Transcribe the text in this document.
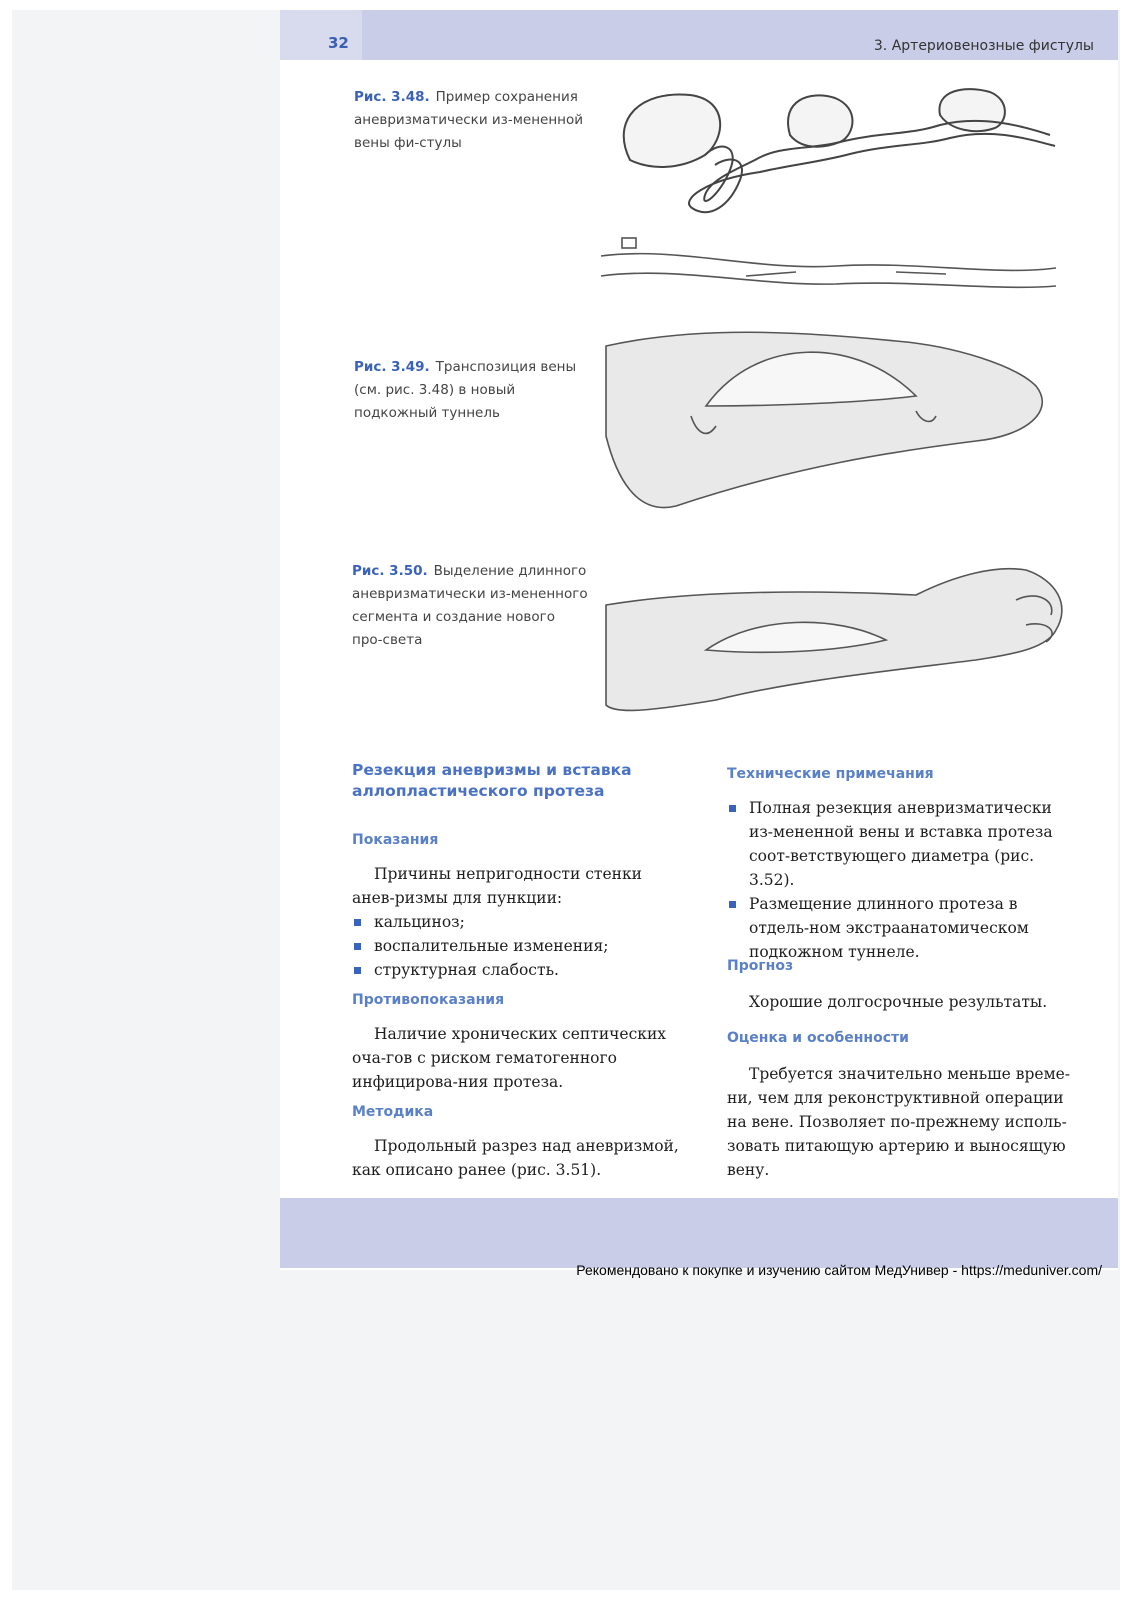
32	3. Артериовенозные фистулы
Рис. 3.48. Пример сохранения аневризматически из-мененной вены фи-стулы
Рис. 3.49. Транспозиция вены (см. рис. 3.48) в новый подкожный туннель
Рис. 3.50. Выделение длинного аневризматически из-мененного сегмента и создание нового про-света
Резекция аневризмы и вставка аллопластического протеза
Показания

Причины непригодности стенки анев-ризмы для пункции:

кальциноз;
воспалительные изменения;
структурная слабость.
Противопоказания

Наличие хронических септических оча-гов с риском гематогенного инфицирова-ния протеза.

Методика

Продольный разрез над аневризмой, как описано ранее (рис. 3.51).

Технические примечания
Полная резекция аневризматически из-мененной вены и вставка протеза соот-ветствующего диаметра (рис. 3.52).
Размещение длинного протеза в отдель-ном экстраанатомическом подкожном туннеле.
Прогноз

Хорошие долгосрочные результаты.

Оценка и особенности

Требуется значительно меньше време-ни, чем для реконструктивной операции на вене. Позволяет по-прежнему исполь-зовать питающую артерию и выносящую вену.

Рекомендовано к покупке и изучению сайтом МедУнивер - https://meduniver.com/
